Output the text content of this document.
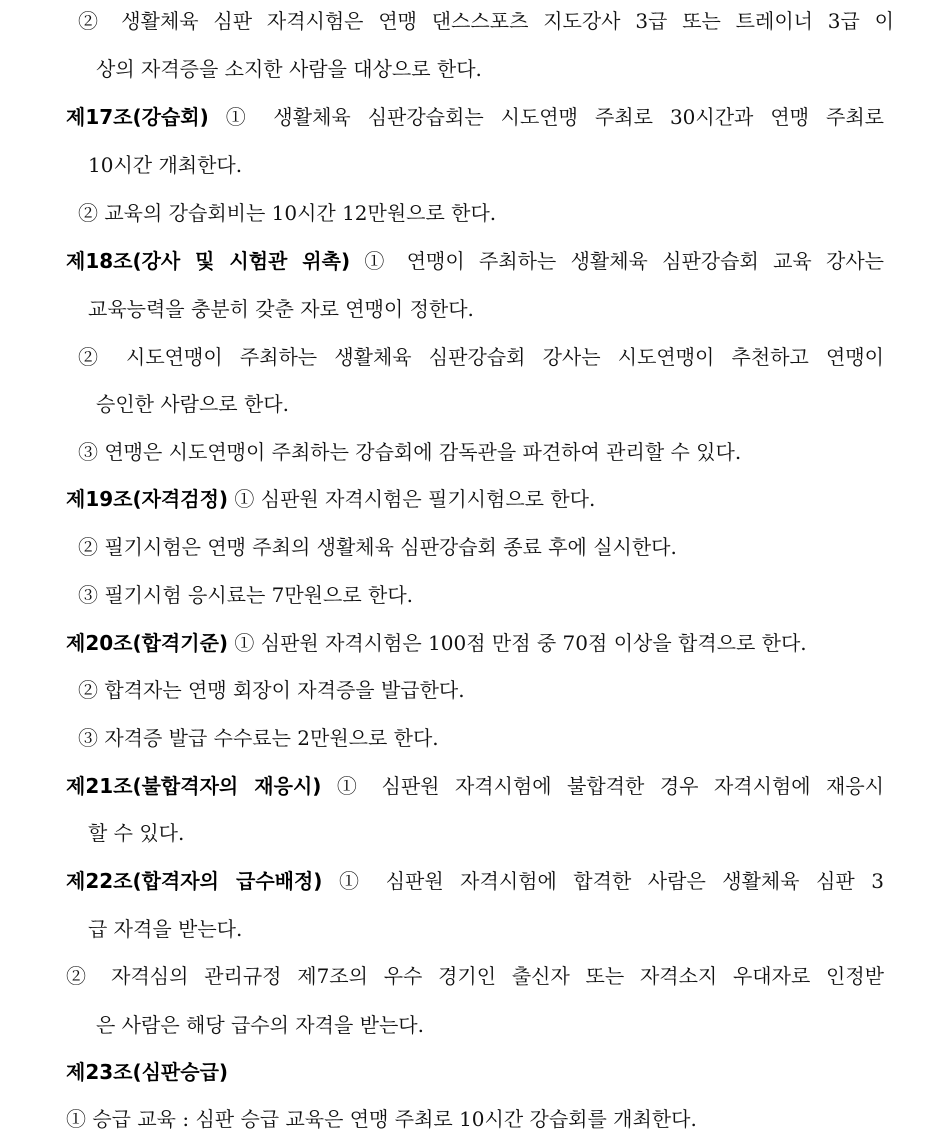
② 생활체육 심판 자격시험은 연맹 댄스스포츠 지도강사 3급 또는 트레이너 3급 이
상의 자격증을 소지한 사람을 대상으로 한다.
제17조(강습회) ① 생활체육 심판강습회는 시도연맹 주최로 30시간과 연맹 주최로
10시간 개최한다.
② 교육의 강습회비는 10시간 12만원으로 한다.
제18조(강사 및 시험관 위촉) ① 연맹이 주최하는 생활체육 심판강습회 교육 강사는
교육능력을 충분히 갖춘 자로 연맹이 정한다.
② 시도연맹이 주최하는 생활체육 심판강습회 강사는 시도연맹이 추천하고 연맹이
승인한 사람으로 한다.
③ 연맹은 시도연맹이 주최하는 강습회에 감독관을 파견하여 관리할 수 있다.
제19조(자격검정) ① 심판원 자격시험은 필기시험으로 한다.
② 필기시험은 연맹 주최의 생활체육 심판강습회 종료 후에 실시한다.
③ 필기시험 응시료는 7만원으로 한다.
제20조(합격기준) ① 심판원 자격시험은 100점 만점 중 70점 이상을 합격으로 한다.
② 합격자는 연맹 회장이 자격증을 발급한다.
③ 자격증 발급 수수료는 2만원으로 한다.
제21조(불합격자의 재응시) ① 심판원 자격시험에 불합격한 경우 자격시험에 재응시
할 수 있다.
제22조(합격자의 급수배정) ① 심판원 자격시험에 합격한 사람은 생활체육 심판 3
급 자격을 받는다.
② 자격심의 관리규정 제7조의 우수 경기인 출신자 또는 자격소지 우대자로 인정받
은 사람은 해당 급수의 자격을 받는다.
제23조(심판승급)
① 승급 교육 : 심판 승급 교육은 연맹 주최로 10시간 강습회를 개최한다.
